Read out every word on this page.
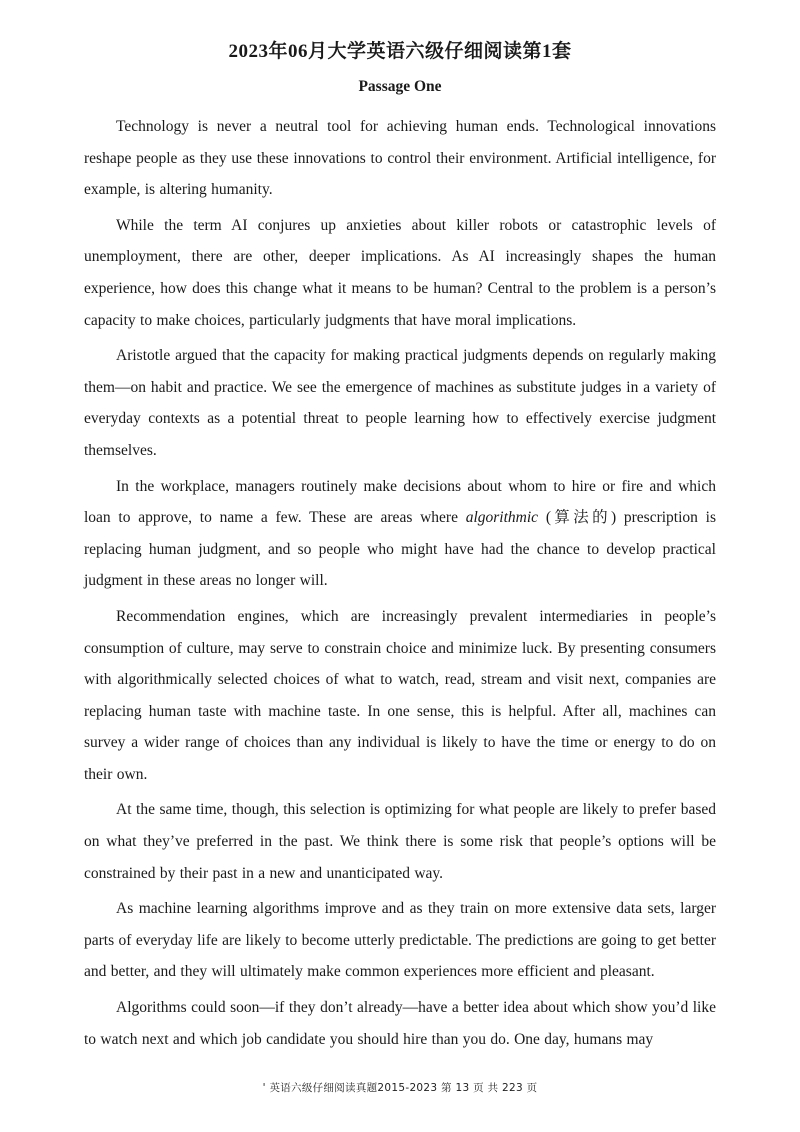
2023年06月大学英语六级仔细阅读第1套
Passage One

Technology is never a neutral tool for achieving human ends. Technological innovations reshape people as they use these innovations to control their environment. Artificial intelligence, for example, is altering humanity.

While the term AI conjures up anxieties about killer robots or catastrophic levels of unemployment, there are other, deeper implications. As AI increasingly shapes the human experience, how does this change what it means to be human? Central to the problem is a person’s capacity to make choices, particularly judgments that have moral implications.

Aristotle argued that the capacity for making practical judgments depends on regularly making them—on habit and practice. We see the emergence of machines as substitute judges in a variety of everyday contexts as a potential threat to people learning how to effectively exercise judgment themselves.

In the workplace, managers routinely make decisions about whom to hire or fire and which loan to approve, to name a few. These are areas where algorithmic (算法的) prescription is replacing human judgment, and so people who might have had the chance to develop practical judgment in these areas no longer will.

Recommendation engines, which are increasingly prevalent intermediaries in people’s consumption of culture, may serve to constrain choice and minimize luck. By presenting consumers with algorithmically selected choices of what to watch, read, stream and visit next, companies are replacing human taste with machine taste. In one sense, this is helpful. After all, machines can survey a wider range of choices than any individual is likely to have the time or energy to do on their own.

At the same time, though, this selection is optimizing for what people are likely to prefer based on what they’ve preferred in the past. We think there is some risk that people’s options will be constrained by their past in a new and unanticipated way.

As machine learning algorithms improve and as they train on more extensive data sets, larger parts of everyday life are likely to become utterly predictable. The predictions are going to get better and better, and they will ultimately make common experiences more efficient and pleasant.

Algorithms could soon—if they don’t already—have a better idea about which show you’d like to watch next and which job candidate you should hire than you do. One day, humans may

' 英语六级仔细阅读真题2015-2023 第 13 页 共 223 页
